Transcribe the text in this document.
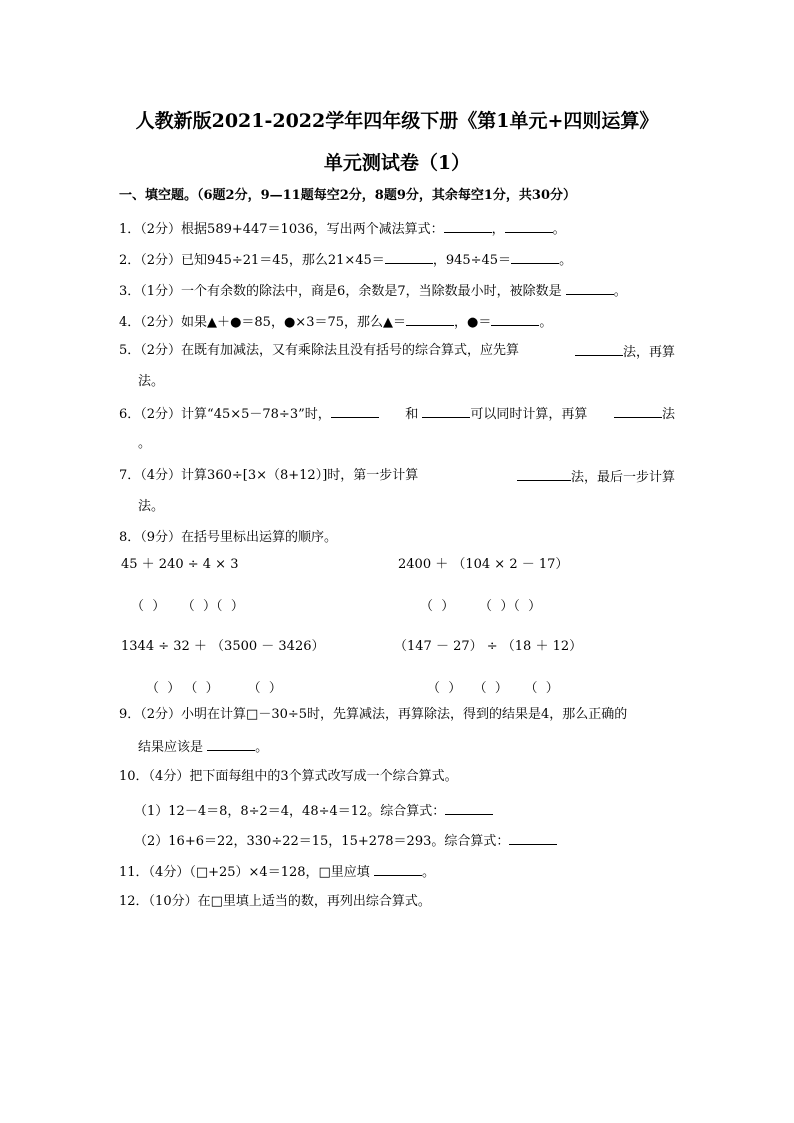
人教新版2021-2022学年四年级下册《第1单元+四则运算》
单元测试卷（1）
一、填空题。（6题2分，9—11题每空2分，8题9分，其余每空1分，共30分）
1．（2分）根据589+447＝1036，写出两个减法算式：	，	。
2．（2分）已知945÷21＝45，那么21×45＝	，945÷45＝	。
3．（1分）一个有余数的除法中，商是6，余数是7，当除数最小时，被除数是	。
4．（2分）如果▲＋●＝85，●×3＝75，那么▲＝	，●＝	。
5．（2分）在既有加减法，又有乘除法且没有括号的综合算式，应先算	法，再算
法。
6．（2分）计算“45×5－78÷3”时，	和	可以同时计算，再算	法
。
7．（4分）计算360÷[3×（8+12）]时，第一步计算	法，最后一步计算
法。
8．（9分）在括号里标出运算的顺序。
45 ＋ 240 ÷ 4 × 3	2400 ＋ （104 × 2 － 17）
（  ）    （  ）（  ）	（  ）      （  ）（  ）
1344 ÷ 32 ＋ （3500 － 3426）	（147 － 27） ÷ （18 ＋ 12）
（  ） （  ）       （  ）	（  ）   （  ）    （  ）
9．（2分）小明在计算□－30÷5时，先算减法，再算除法，得到的结果是4，那么正确的
结果应该是	。
10．（4分）把下面每组中的3个算式改写成一个综合算式。
（1）12－4＝8，8÷2＝4，48÷4＝12。综合算式：
（2）16+6＝22，330÷22＝15，15+278＝293。综合算式：
11．（4分）（□+25）×4＝128，□里应填	。
12．（10分）在□里填上适当的数，再列出综合算式。
